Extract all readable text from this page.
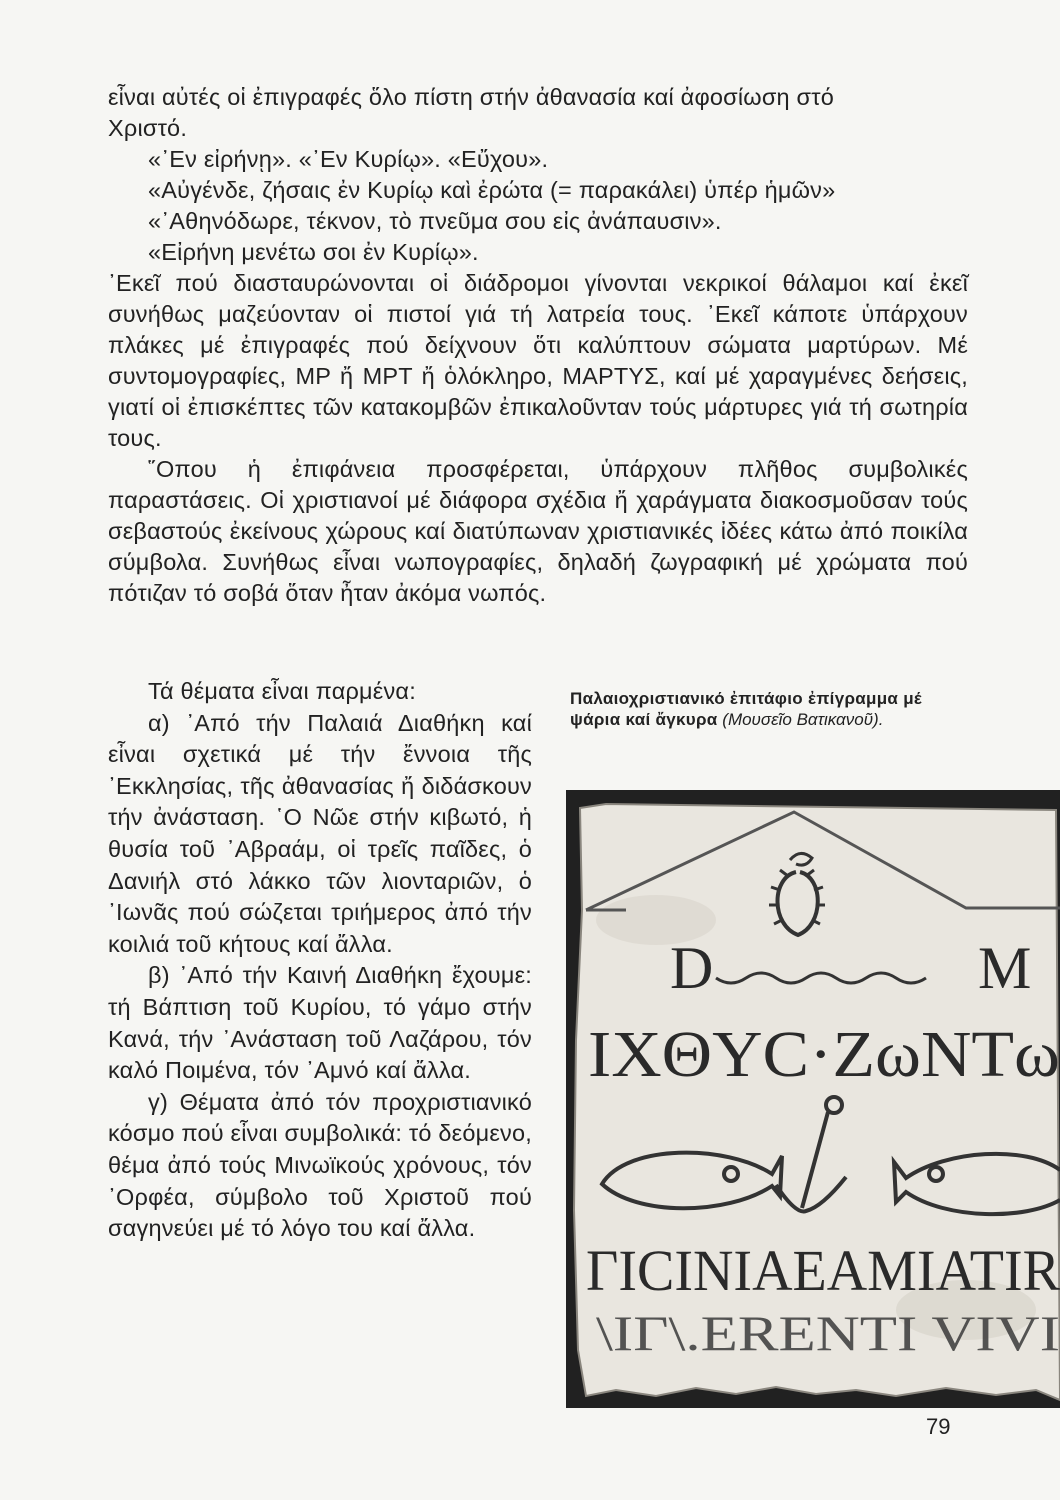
εἶναι αὐτές οἱ ἐπιγραφές ὅλο πίστη στήν ἀθανασία καί ἀφοσίωση στό

Χριστό.

«᾿Εν εἰρήνῃ». «᾿Εν Κυρίῳ». «Εὔχου».

«Αὐγένδε, ζήσαις ἐν Κυρίῳ καὶ ἐρώτα (= παρακάλει) ὑπέρ ἡμῶν»

«᾿Αθηνόδωρε, τέκνον, τὸ πνεῦμα σου εἰς ἀνάπαυσιν».

«Εἰρήνη μενέτω σοι ἐν Κυρίῳ».

᾿Εκεῖ πού διασταυρώνονται οἱ διάδρομοι γίνονται νεκρικοί θάλαμοι καί ἐκεῖ συνήθως μαζεύονταν οἱ πιστοί γιά τή λατρεία τους. ᾿Εκεῖ κάποτε ὑπάρχουν πλάκες μέ ἐπιγραφές πού δείχνουν ὅτι καλύπτουν σώματα μαρτύρων. Μέ συντομογραφίες, ΜΡ ἤ ΜΡΤ ἤ ὁλόκληρο, ΜΑΡΤΥΣ, καί μέ χαραγμένες δεήσεις, γιατί οἱ ἐπισκέπτες τῶν κατακομβῶν ἐπικαλοῦνταν τούς μάρτυρες γιά τή σωτηρία τους.

῞Οπου ἡ ἐπιφάνεια προσφέρεται, ὑπάρχουν πλῆθος συμβολικές παραστάσεις. Οἱ χριστιανοί μέ διάφορα σχέδια ἤ χαράγματα διακοσμοῦσαν τούς σεβαστούς ἐκείνους χώρους καί διατύπωναν χριστιανικές ἰδέες κάτω ἀπό ποικίλα σύμβολα. Συνήθως εἶναι νωπογραφίες, δηλαδή ζωγραφική μέ χρώματα πού πότιζαν τό σοβά ὅταν ἦταν ἀκόμα νωπός.

Τά θέματα εἶναι παρμένα:

α) ᾿Από τήν Παλαιά Διαθήκη καί εἶναι σχετικά μέ τήν ἔννοια τῆς ᾿Εκκλησίας, τῆς ἀθανασίας ἤ διδάσκουν τήν ἀνάσταση. ῾Ο Νῶε στήν κιβωτό, ἡ θυσία τοῦ ᾿Αβραάμ, οἱ τρεῖς παῖδες, ὁ Δανιήλ στό λάκκο τῶν λιονταριῶν, ὁ ᾿Ιωνᾶς πού σώζεται τριήμερος ἀπό τήν κοιλιά τοῦ κήτους καί ἄλλα.

β) ᾿Από τήν Καινή Διαθήκη ἔχουμε: τή Βάπτιση τοῦ Κυρίου, τό γάμο στήν Κανά, τήν ᾿Ανάσταση τοῦ Λαζάρου, τόν καλό Ποιμένα, τόν ᾿Αμνό καί ἄλλα.

γ) Θέματα ἀπό τόν προχριστιανικό κόσμο πού εἶναι συμβολικά: τό δεόμενο, θέμα ἀπό τούς Μινωϊκούς χρόνους, τόν ᾿Ορφέα, σύμβολο τοῦ Χριστοῦ πού σαγηνεύει μέ τό λόγο του καί ἄλλα.

Παλαιοχριστιανικό ἐπιτάφιο ἐπίγραμμα μέ ψάρια καί ἄγκυρα (Μουσεῖο Βατικανοῦ).
D	M
IXΘYC·ZωNTω
ΓICINIAEAMIATIR
\IΓ\.ERENTI VIVI
79
